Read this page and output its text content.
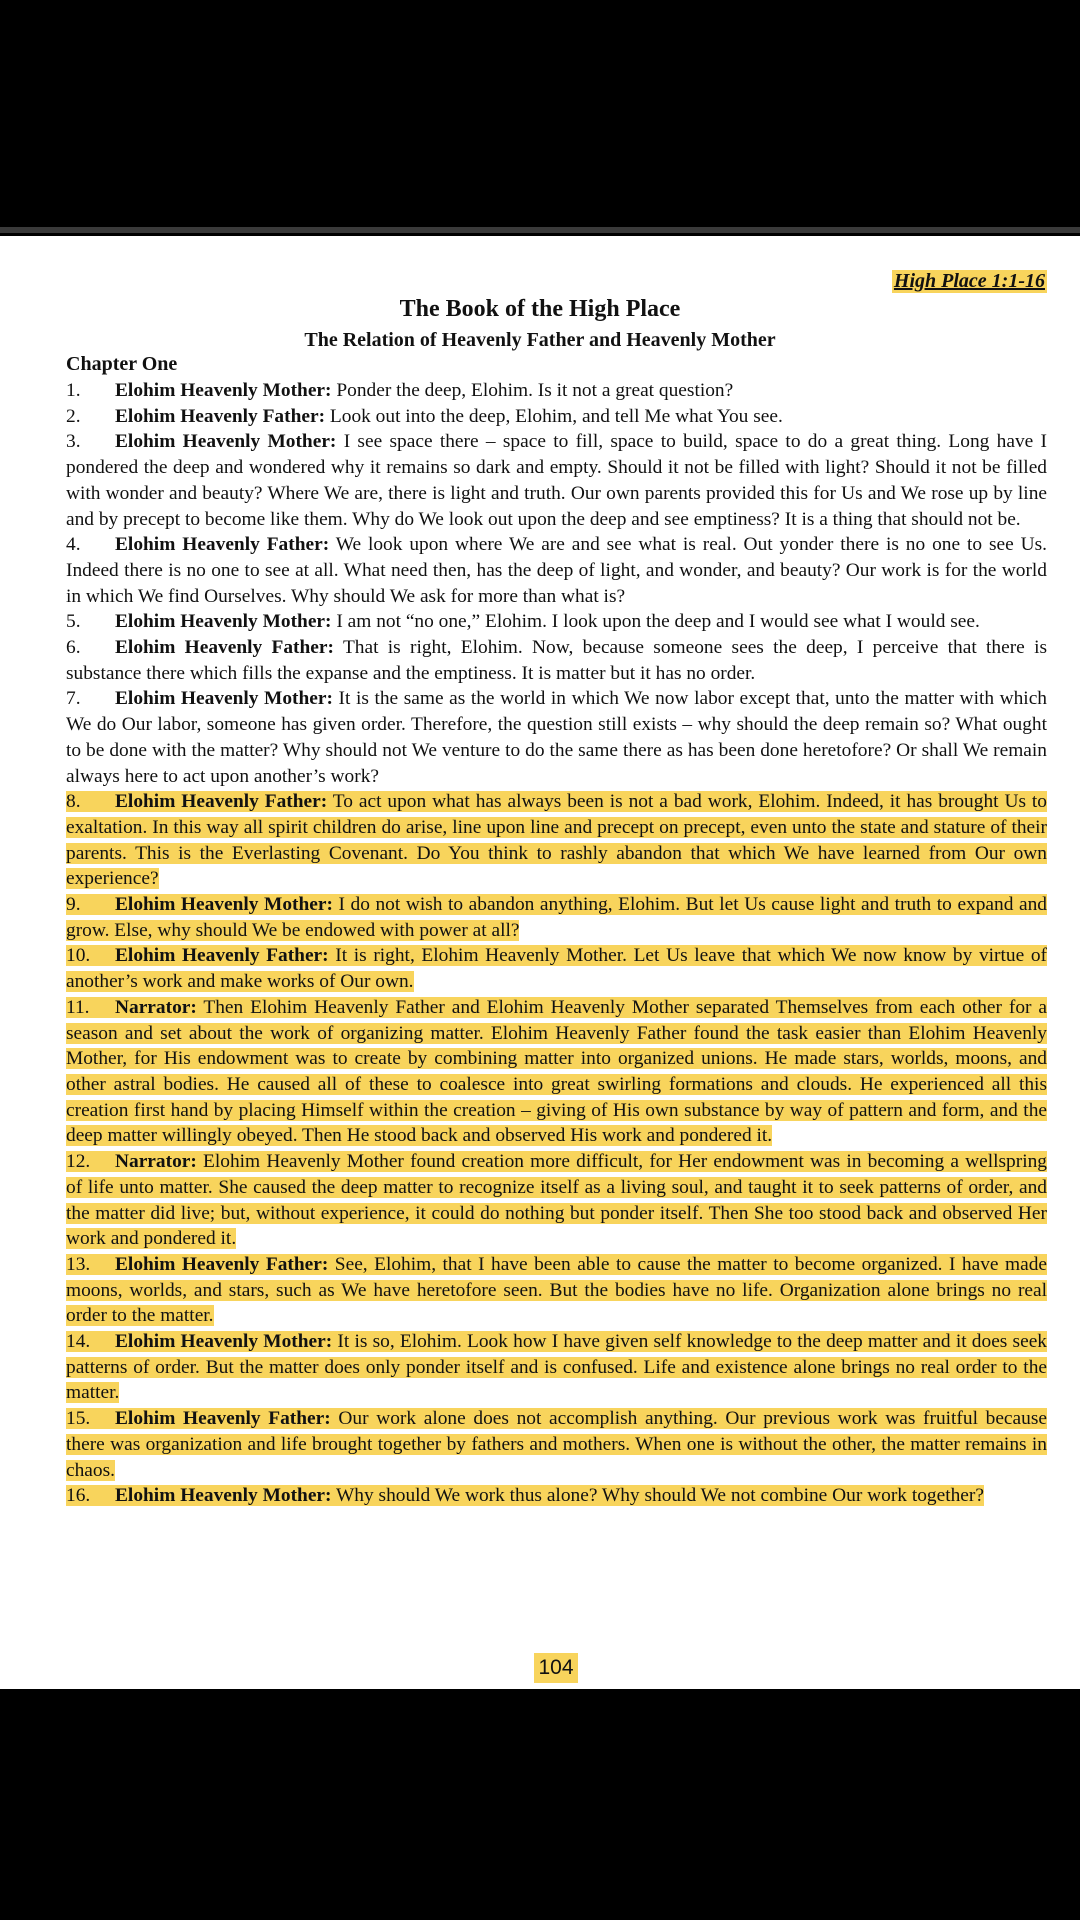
High Place 1:1-16
The Book of the High Place
The Relation of Heavenly Father and Heavenly Mother
Chapter One

1. Elohim Heavenly Mother: Ponder the deep, Elohim. Is it not a great question?

2. Elohim Heavenly Father: Look out into the deep, Elohim, and tell Me what You see.

3. Elohim Heavenly Mother: I see space there – space to fill, space to build, space to do a great thing. Long have I pondered the deep and wondered why it remains so dark and empty. Should it not be filled with light? Should it not be filled with wonder and beauty? Where We are, there is light and truth. Our own parents provided this for Us and We rose up by line and by precept to become like them. Why do We look out upon the deep and see emptiness? It is a thing that should not be.

4. Elohim Heavenly Father: We look upon where We are and see what is real. Out yonder there is no one to see Us. Indeed there is no one to see at all. What need then, has the deep of light, and wonder, and beauty? Our work is for the world in which We find Ourselves. Why should We ask for more than what is?

5. Elohim Heavenly Mother: I am not “no one,” Elohim. I look upon the deep and I would see what I would see.

6. Elohim Heavenly Father: That is right, Elohim. Now, because someone sees the deep, I perceive that there is substance there which fills the expanse and the emptiness. It is matter but it has no order.

7. Elohim Heavenly Mother: It is the same as the world in which We now labor except that, unto the matter with which We do Our labor, someone has given order. Therefore, the question still exists – why should the deep remain so? What ought to be done with the matter? Why should not We venture to do the same there as has been done heretofore? Or shall We remain always here to act upon another’s work?

8. Elohim Heavenly Father: To act upon what has always been is not a bad work, Elohim. Indeed, it has brought Us to exaltation. In this way all spirit children do arise, line upon line and precept on precept, even unto the state and stature of their parents. This is the Everlasting Covenant. Do You think to rashly abandon that which We have learned from Our own experience?

9. Elohim Heavenly Mother: I do not wish to abandon anything, Elohim. But let Us cause light and truth to expand and grow. Else, why should We be endowed with power at all?

10. Elohim Heavenly Father: It is right, Elohim Heavenly Mother. Let Us leave that which We now know by virtue of another’s work and make works of Our own.

11. Narrator: Then Elohim Heavenly Father and Elohim Heavenly Mother separated Themselves from each other for a season and set about the work of organizing matter. Elohim Heavenly Father found the task easier than Elohim Heavenly Mother, for His endowment was to create by combining matter into organized unions. He made stars, worlds, moons, and other astral bodies. He caused all of these to coalesce into great swirling formations and clouds. He experienced all this creation first hand by placing Himself within the creation – giving of His own substance by way of pattern and form, and the deep matter willingly obeyed. Then He stood back and observed His work and pondered it.

12. Narrator: Elohim Heavenly Mother found creation more difficult, for Her endowment was in becoming a wellspring of life unto matter. She caused the deep matter to recognize itself as a living soul, and taught it to seek patterns of order, and the matter did live; but, without experience, it could do nothing but ponder itself. Then She too stood back and observed Her work and pondered it.

13. Elohim Heavenly Father: See, Elohim, that I have been able to cause the matter to become organized. I have made moons, worlds, and stars, such as We have heretofore seen. But the bodies have no life. Organization alone brings no real order to the matter.

14. Elohim Heavenly Mother: It is so, Elohim. Look how I have given self knowledge to the deep matter and it does seek patterns of order. But the matter does only ponder itself and is confused. Life and existence alone brings no real order to the matter.

15. Elohim Heavenly Father: Our work alone does not accomplish anything. Our previous work was fruitful because there was organization and life brought together by fathers and mothers. When one is without the other, the matter remains in chaos.

16. Elohim Heavenly Mother: Why should We work thus alone? Why should We not combine Our work together?

104
